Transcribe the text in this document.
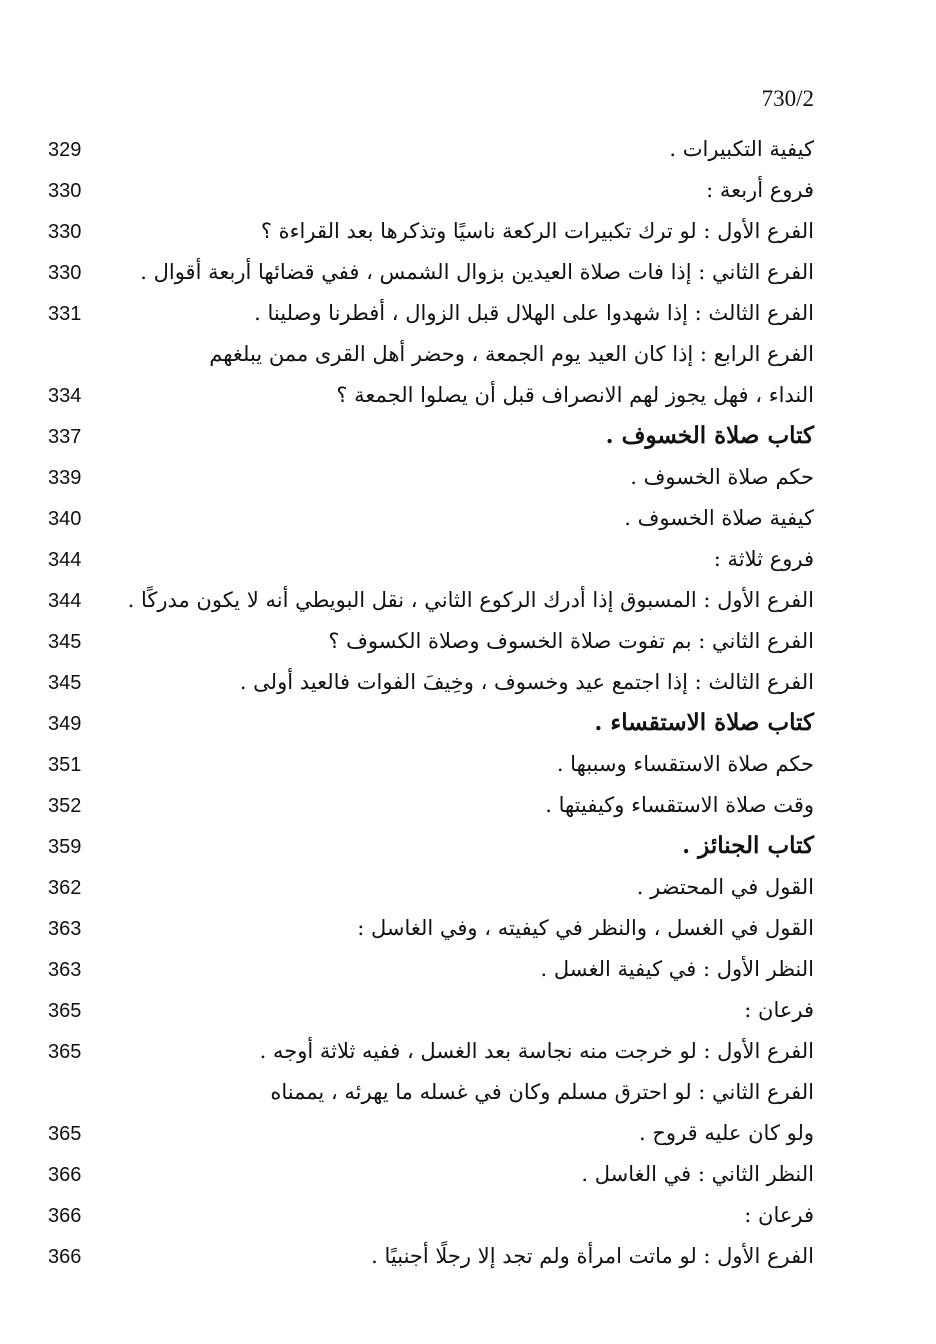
730/2
كيفية التكبيرات .
329
فروع أربعة :
330
الفرع الأول : لو ترك تكبيرات الركعة ناسيًا وتذكرها بعد القراءة ؟
330
الفرع الثاني : إذا فات صلاة العيدين بزوال الشمس ، ففي قضائها أربعة أقوال .
330
الفرع الثالث : إذا شهدوا على الهلال قبل الزوال ، أفطرنا وصلينا .
331
الفرع الرابع : إذا كان العيد يوم الجمعة ، وحضر أهل القرى ممن يبلغهم
النداء ، فهل يجوز لهم الانصراف قبل أن يصلوا الجمعة ؟
334
كتاب صلاة الخسوف .
337
حكم صلاة الخسوف .
339
كيفية صلاة الخسوف .
340
فروع ثلاثة :
344
الفرع الأول : المسبوق إذا أدرك الركوع الثاني ، نقل البويطي أنه لا يكون مدركًا .
344
الفرع الثاني : بم تفوت صلاة الخسوف وصلاة الكسوف ؟
345
الفرع الثالث : إذا اجتمع عيد وخسوف ، وخِيفَ الفوات فالعيد أولى .
345
كتاب صلاة الاستقساء .
349
حكم صلاة الاستقساء وسببها .
351
وقت صلاة الاستقساء وكيفيتها .
352
كتاب الجنائز .
359
القول في المحتضر .
362
القول في الغسل ، والنظر في كيفيته ، وفي الغاسل :
363
النظر الأول : في كيفية الغسل .
363
فرعان :
365
الفرع الأول : لو خرجت منه نجاسة بعد الغسل ، ففيه ثلاثة أوجه .
365
الفرع الثاني : لو احترق مسلم وكان في غسله ما يهرئه ، يممناه
ولو كان عليه قروح .
365
النظر الثاني : في الغاسل .
366
فرعان :
366
الفرع الأول : لو ماتت امرأة ولم تجد إلا رجلًا أجنبيًا .
366
